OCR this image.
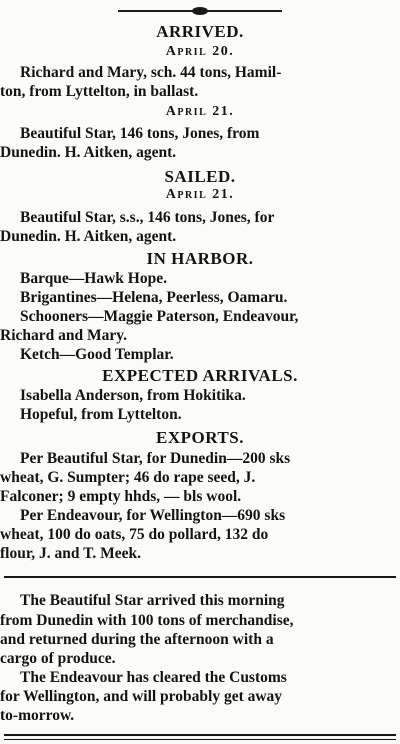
ARRIVED.
April 20.
Richard and Mary, sch. 44 tons, Hamil-
ton, from Lyttelton, in ballast.
April 21.
Beautiful Star, 146 tons, Jones, from
Dunedin. H. Aitken, agent.
SAILED.
April 21.
Beautiful Star, s.s., 146 tons, Jones, for
Dunedin. H. Aitken, agent.
IN HARBOR.
Barque—Hawk Hope.
Brigantines—Helena, Peerless, Oamaru.
Schooners—Maggie Paterson, Endeavour,
Richard and Mary.
Ketch—Good Templar.
EXPECTED ARRIVALS.
Isabella Anderson, from Hokitika.
Hopeful, from Lyttelton.
EXPORTS.
Per Beautiful Star, for Dunedin—200 sks
wheat, G. Sumpter; 46 do rape seed, J.
Falconer; 9 empty hhds, — bls wool.
Per Endeavour, for Wellington—690 sks
wheat, 100 do oats, 75 do pollard, 132 do
flour, J. and T. Meek.
The Beautiful Star arrived this morning
from Dunedin with 100 tons of merchandise,
and returned during the afternoon with a
cargo of produce.
The Endeavour has cleared the Customs
for Wellington, and will probably get away
to-morrow.
